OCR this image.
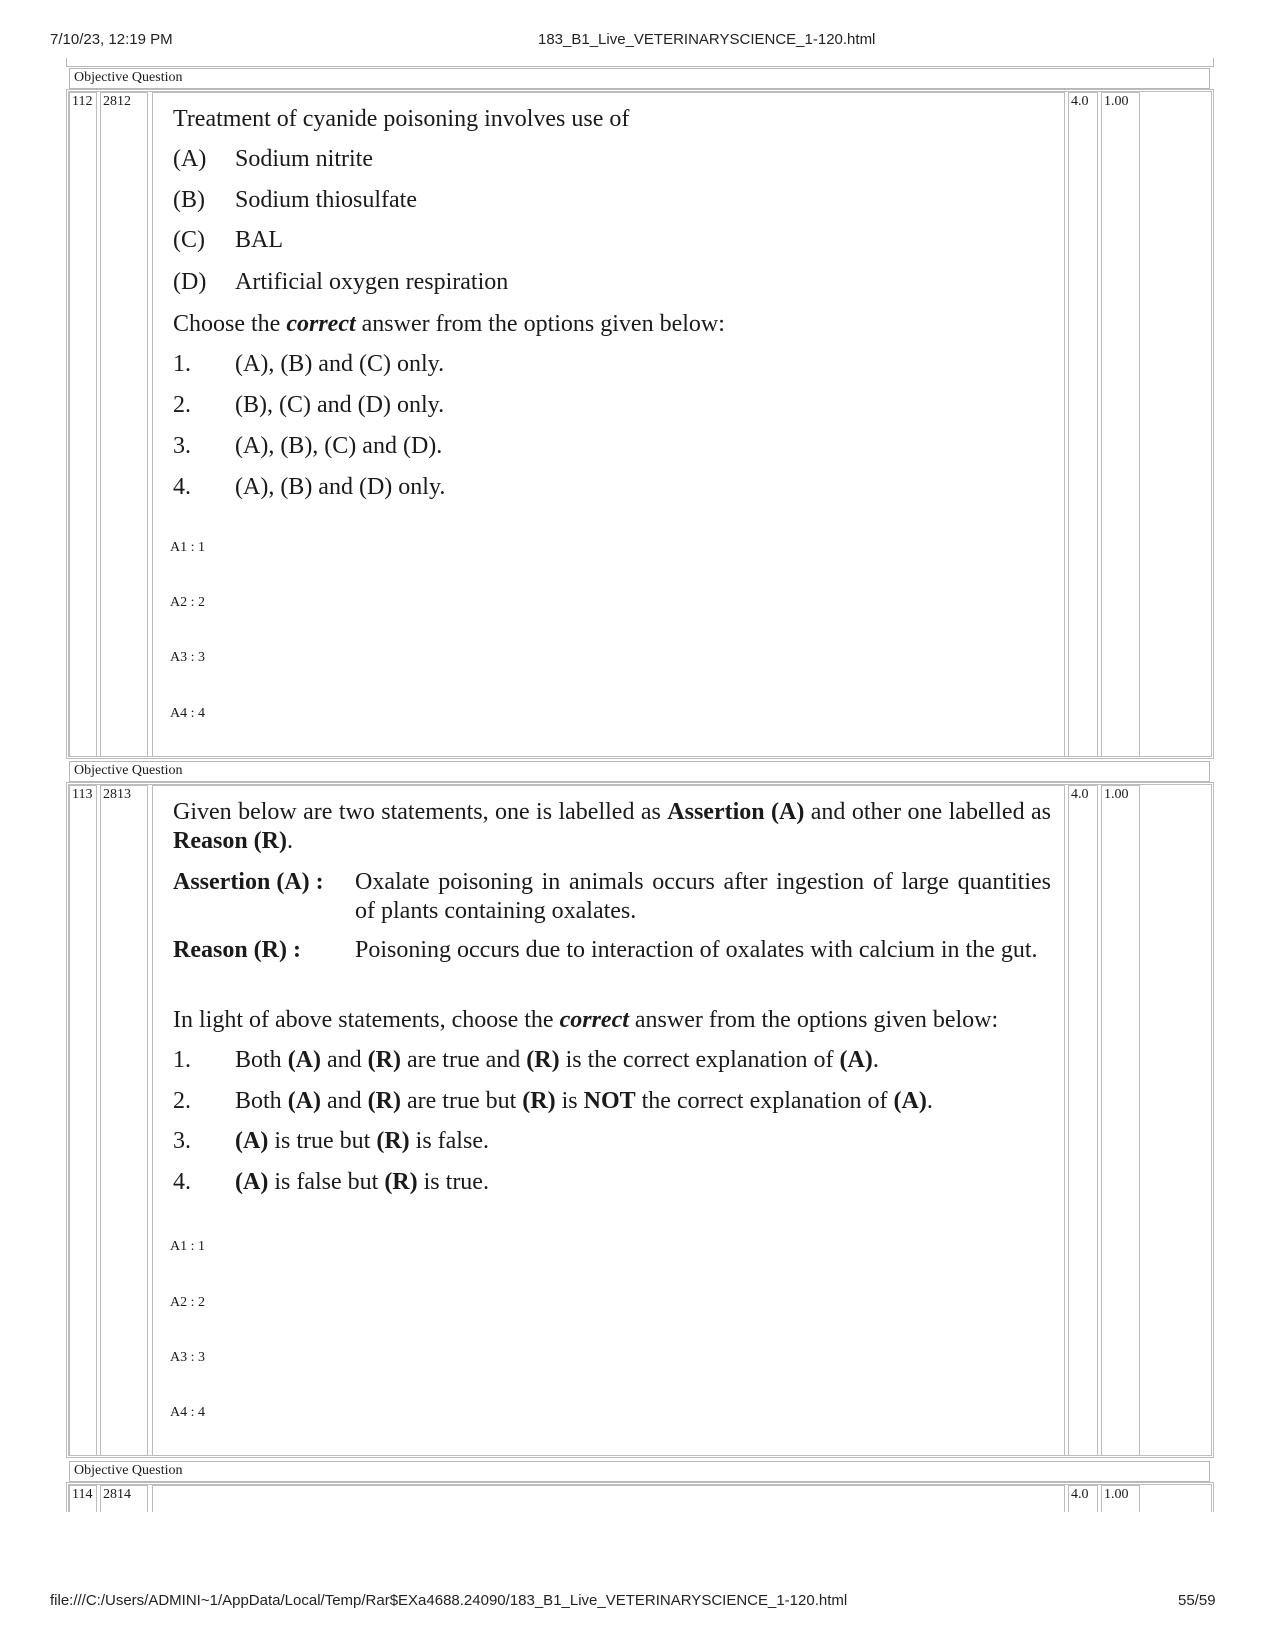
7/10/23, 12:19 PM	183_B1_Live_VETERINARYSCIENCE_1-120.html
Objective Question
112 2812	4.0 1.00
Treatment of cyanide poisoning involves use of
(A) Sodium nitrite
(B) Sodium thiosulfate
(C) BAL
(D) Artificial oxygen respiration
Choose the correct answer from the options given below:
1. (A), (B) and (C) only.
2. (B), (C) and (D) only.
3. (A), (B), (C) and (D).
4. (A), (B) and (D) only.
A1 : 1
A2 : 2
A3 : 3
A4 : 4
Objective Question
113 2813	4.0 1.00
Given below are two statements, one is labelled as Assertion (A) and other one labelled as Reason (R).
Assertion (A) : Oxalate poisoning in animals occurs after ingestion of large quantities of plants containing oxalates.
Reason (R) : Poisoning occurs due to interaction of oxalates with calcium in the gut.
In light of above statements, choose the correct answer from the options given below:
1. Both (A) and (R) are true and (R) is the correct explanation of (A).
2. Both (A) and (R) are true but (R) is NOT the correct explanation of (A).
3. (A) is true but (R) is false.
4. (A) is false but (R) is true.
A1 : 1
A2 : 2
A3 : 3
A4 : 4
Objective Question
114 2814	4.0 1.00
file:///C:/Users/ADMINI~1/AppData/Local/Temp/Rar$EXa4688.24090/183_B1_Live_VETERINARYSCIENCE_1-120.html	55/59
